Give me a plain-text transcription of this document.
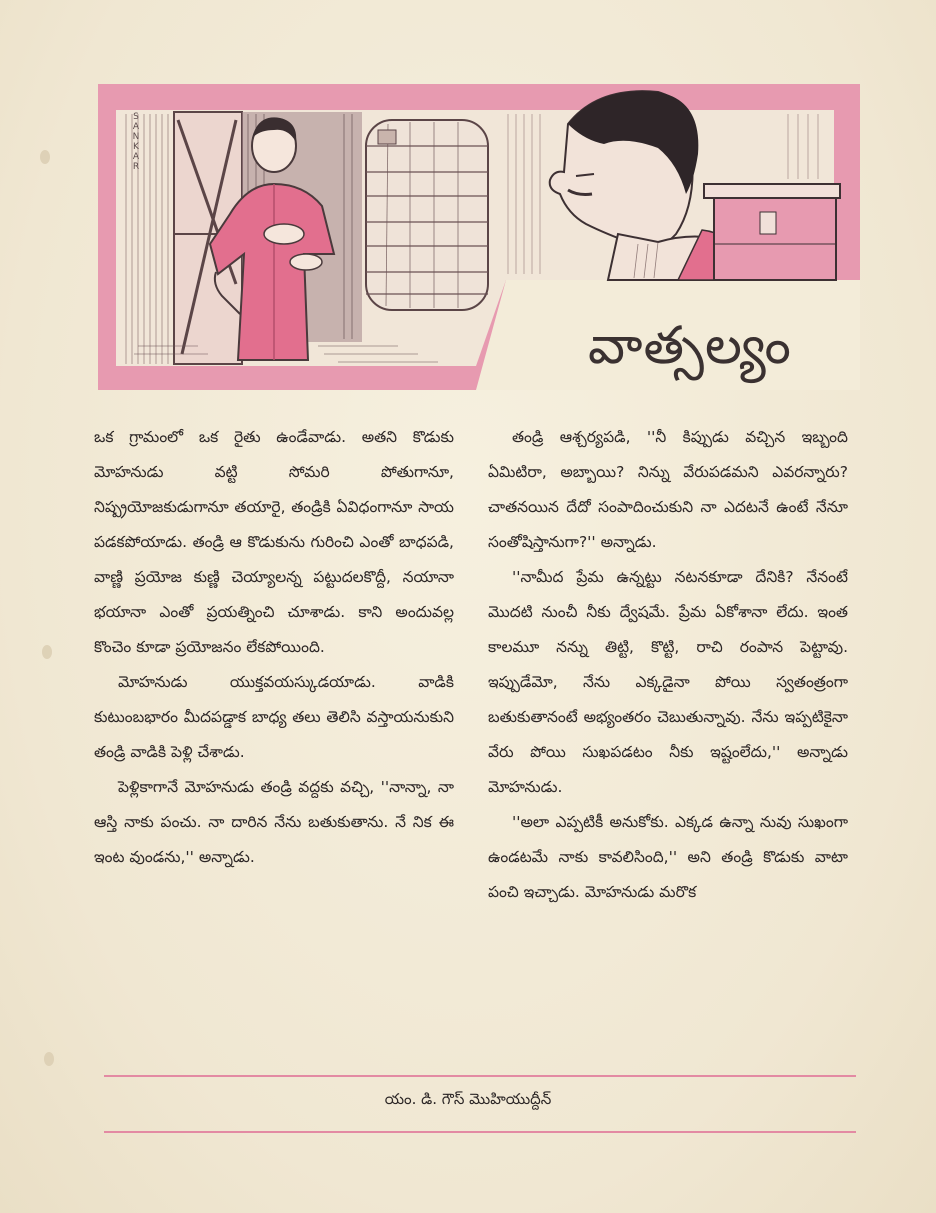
S
A
N
K
A
R
వాత్సల్యం

ఒక గ్రామంలో ఒక రైతు ఉండేవాడు. అతని కొడుకు మోహనుడు వట్టి సోమరి పోతుగానూ, నిష్ప్రయోజకుడుగానూ తయారై, తండ్రికి ఏవిధంగానూ సాయ పడకపోయాడు. తండ్రి ఆ కొడుకును గురించి ఎంతో బాధపడి, వాణ్ణి ప్రయోజ కుణ్ణి చెయ్యాలన్న పట్టుదలకొద్దీ, నయానా భయానా ఎంతో ప్రయత్నించి చూశాడు. కాని అందువల్ల కొంచెం కూడా ప్రయోజనం లేకపోయింది.

మోహనుడు యుక్తవయస్కుడయాడు. వాడికి కుటుంబభారం మీదపడ్డాక బాధ్య తలు తెలిసి వస్తాయనుకుని తండ్రి వాడికి పెళ్లి చేశాడు.

పెళ్లికాగానే మోహనుడు తండ్రి వద్దకు వచ్చి, ''నాన్నా, నా ఆస్తి నాకు పంచు. నా దారిన నేను బతుకుతాను. నే నిక ఈ ఇంట వుండను,'' అన్నాడు.

తండ్రి ఆశ్చర్యపడి, ''నీ కిప్పుడు వచ్చిన ఇబ్బంది ఏమిటిరా, అబ్బాయి? నిన్ను వేరుపడమని ఎవరన్నారు? చాతనయిన దేదో సంపాదించుకుని నా ఎదటనే ఉంటే నేనూ సంతోషిస్తానుగా?'' అన్నాడు.

''నామీద ప్రేమ ఉన్నట్టు నటనకూడా దేనికి? నేనంటే మొదటి నుంచీ నీకు ద్వేషమే. ప్రేమ ఏకోశానా లేదు. ఇంత కాలమూ నన్ను తిట్టి, కొట్టి, రాచి రంపాన పెట్టావు. ఇప్పుడేమో, నేను ఎక్కడైనా పోయి స్వతంత్రంగా బతుకుతానంటే అభ్యంతరం చెబుతున్నావు. నేను ఇప్పటికైనా వేరు పోయి సుఖపడటం నీకు ఇష్టంలేదు,'' అన్నాడు మోహనుడు.

''అలా ఎప్పటికీ అనుకోకు. ఎక్కడ ఉన్నా నువు సుఖంగా ఉండటమే నాకు కావలిసింది,'' అని తండ్రి కొడుకు వాటా పంచి ఇచ్చాడు. మోహనుడు మరొక

యం. డి. గౌస్ మొహియుద్దీన్
